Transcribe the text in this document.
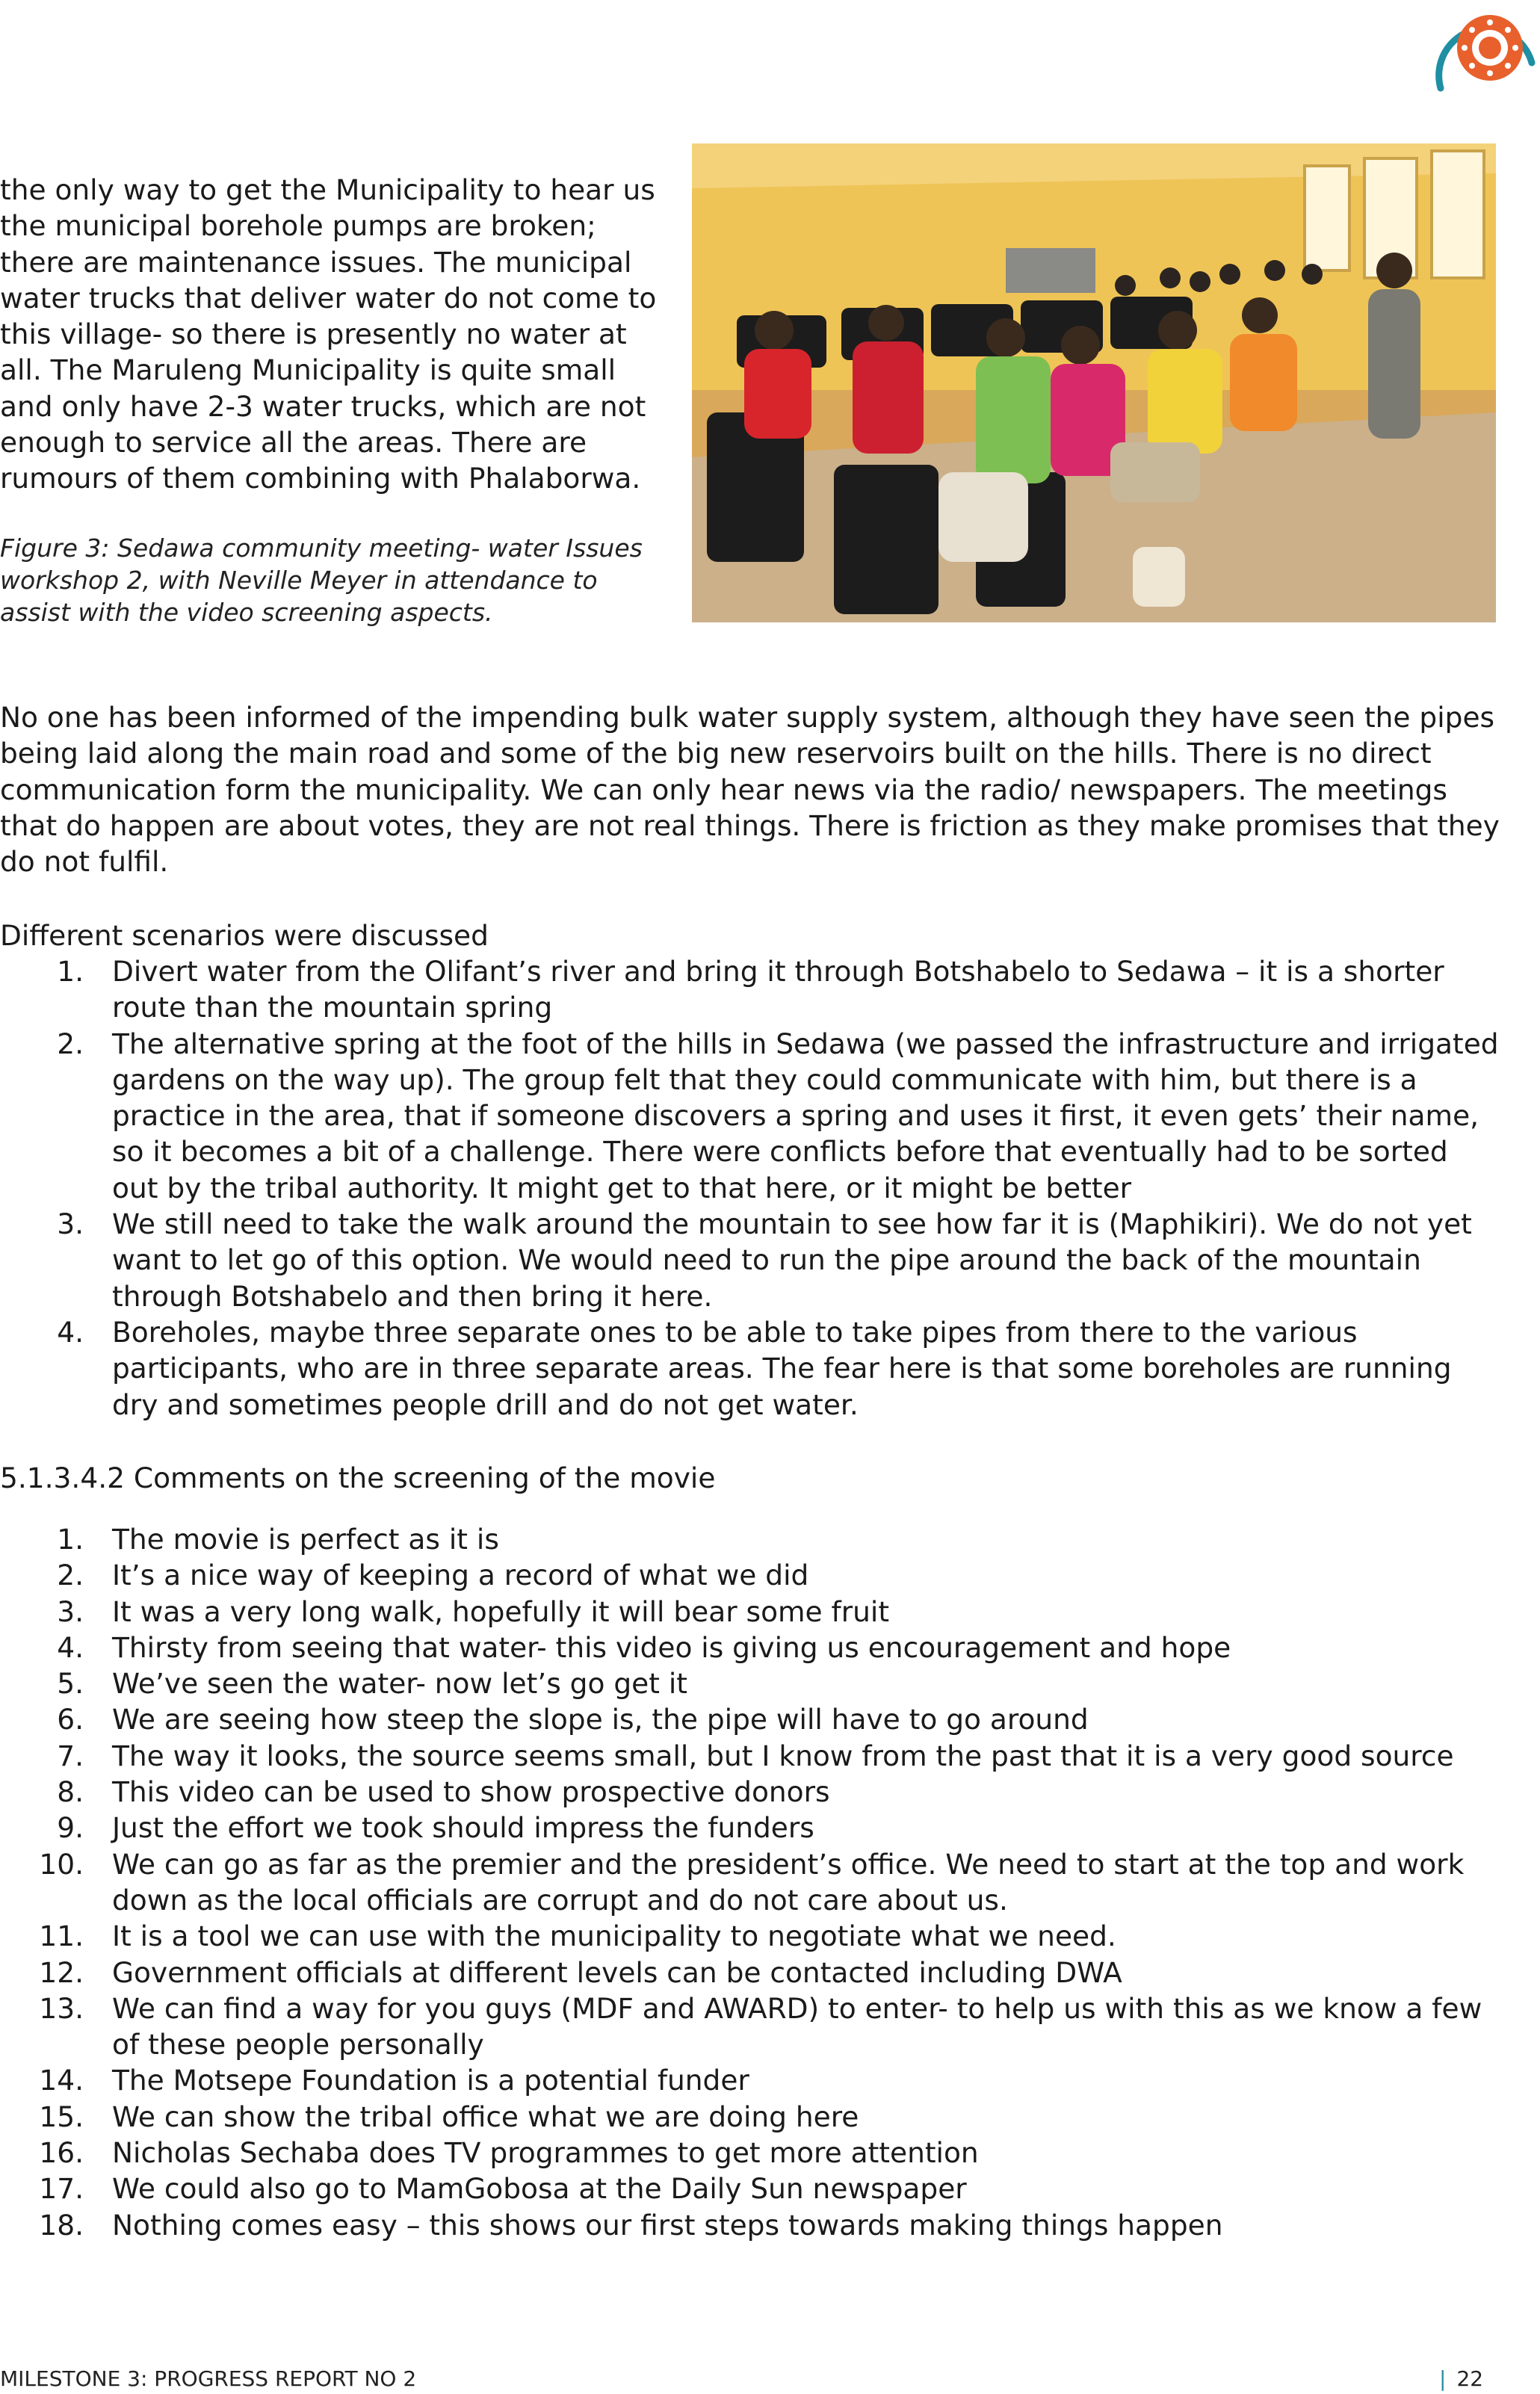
the only way to get the Municipality to hear us the municipal borehole pumps are broken; there are maintenance issues. The municipal water trucks that deliver water do not come to this village- so there is presently no water at all. The Maruleng Municipality is quite small and only have 2-3 water trucks, which are not enough to service all the areas. There are rumours of them combining with Phalaborwa.

Figure 3: Sedawa community meeting- water Issues workshop 2, with Neville Meyer in attendance to assist with the video screening aspects.

No one has been informed of the impending bulk water supply system, although they have seen the pipes being laid along the main road and some of the big new reservoirs built on the hills. There is no direct communication form the municipality. We can only hear news via the radio/ newspapers. The meetings that do happen are about votes, they are not real things. There is friction as they make promises that they do not fulfil.

Different scenarios were discussed

1. Divert water from the Olifant’s river and bring it through Botshabelo to Sedawa – it is a shorter route than the mountain spring
2. The alternative spring at the foot of the hills in Sedawa (we passed the infrastructure and irrigated gardens on the way up). The group felt that they could communicate with him, but there is a practice in the area, that if someone discovers a spring and uses it first, it even gets’ their name, so it becomes a bit of a challenge. There were conflicts before that eventually had to be sorted out by the tribal authority. It might get to that here, or it might be better
3. We still need to take the walk around the mountain to see how far it is (Maphikiri). We do not yet want to let go of this option. We would need to run the pipe around the back of the mountain through Botshabelo and then bring it here.
4. Boreholes, maybe three separate ones to be able to take pipes from there to the various participants, who are in three separate areas. The fear here is that some boreholes are running dry and sometimes people drill and do not get water.

5.1.3.4.2 Comments on the screening of the movie

1. The movie is perfect as it is
2. It’s a nice way of keeping a record of what we did
3. It was a very long walk, hopefully it will bear some fruit
4. Thirsty from seeing that water- this video is giving us encouragement and hope
5. We’ve seen the water- now let’s go get it
6. We are seeing how steep the slope is, the pipe will have to go around
7. The way it looks, the source seems small, but I know from the past that it is a very good source
8. This video can be used to show prospective donors
9. Just the effort we took should impress the funders
10. We can go as far as the premier and the president’s office. We need to start at the top and work down as the local officials are corrupt and do not care about us.
11. It is a tool we can use with the municipality to negotiate what we need.
12. Government officials at different levels can be contacted including DWA
13. We can find a way for you guys (MDF and AWARD) to enter- to help us with this as we know a few of these people personally
14. The Motsepe Foundation is a potential funder
15. We can show the tribal office what we are doing here
16. Nicholas Sechaba does TV programmes to get more attention
17. We could also go to MamGobosa at the Daily Sun newspaper
18. Nothing comes easy – this shows our first steps towards making things happen
MILESTONE 3: PROGRESS REPORT NO 2	| 22
